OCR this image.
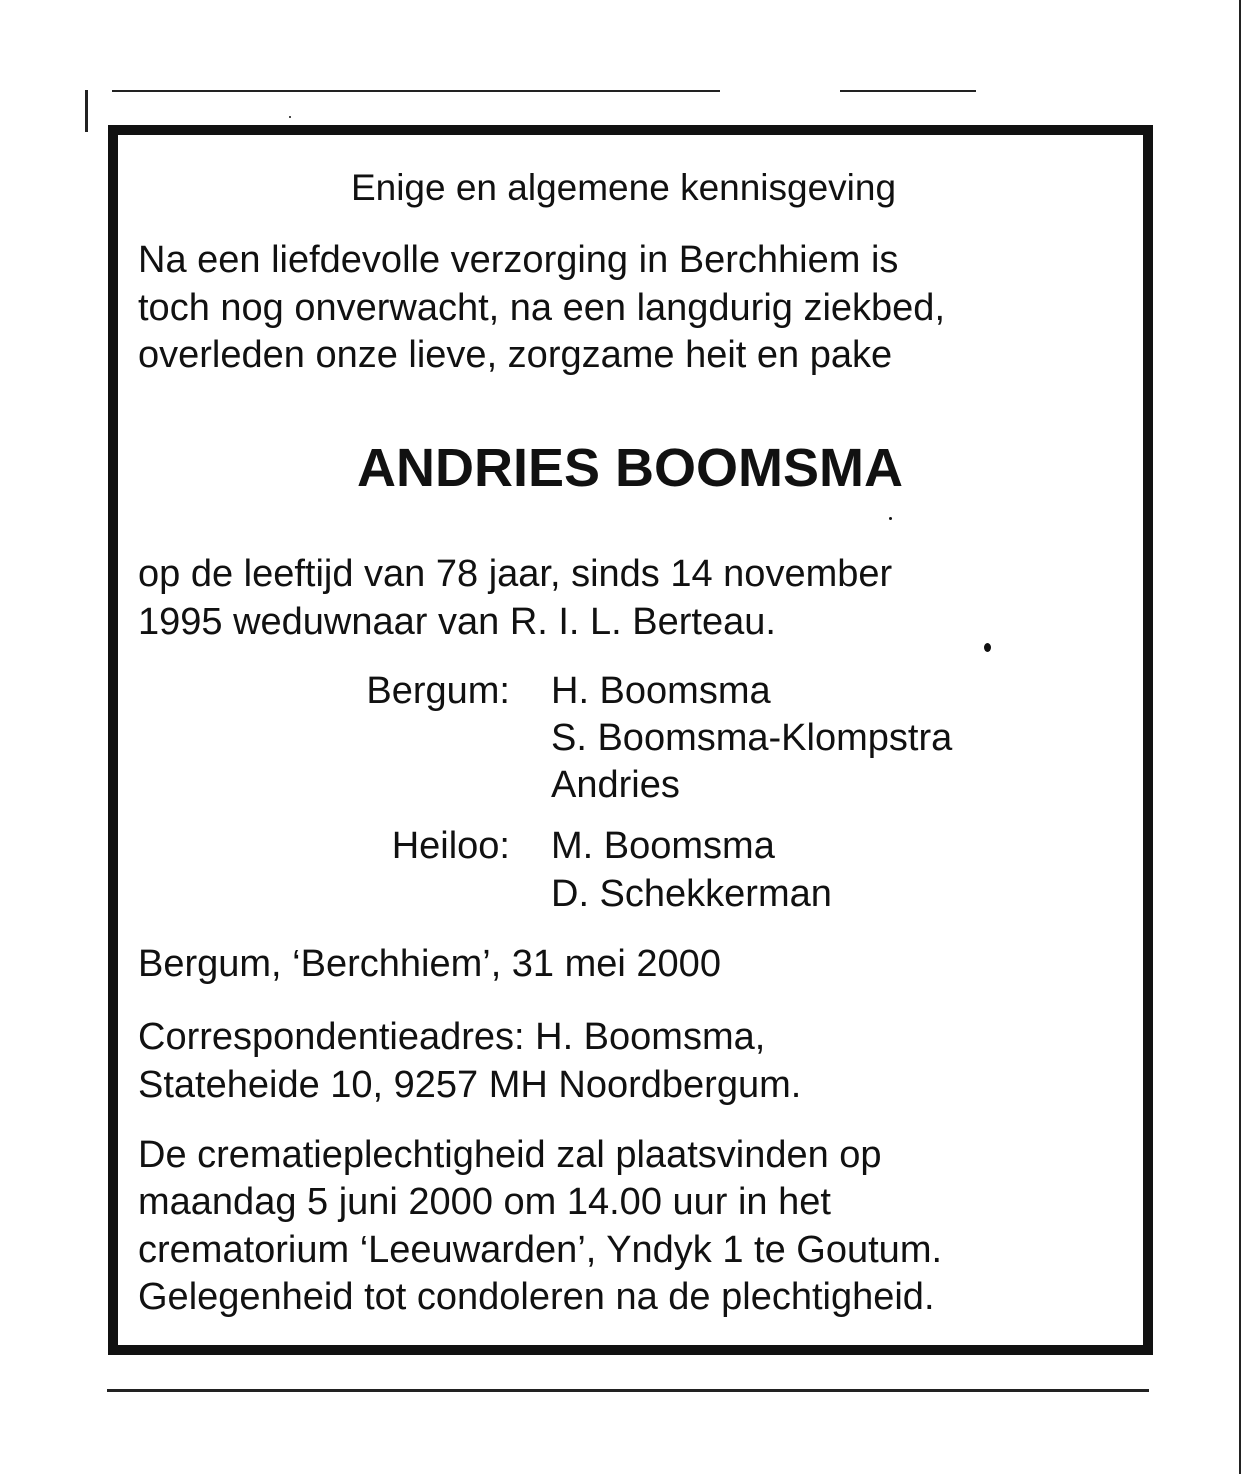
Enige en algemene kennisgeving

Na een liefdevolle verzorging in Berchhiem is

toch nog onverwacht, na een langdurig ziekbed,

overleden onze lieve, zorgzame heit en pake

ANDRIES BOOMSMA

op de leeftijd van 78 jaar, sinds 14 november

1995 weduwnaar van R. I. L. Berteau.

Bergum: H. Boomsma

S. Boomsma-Klompstra

Andries

Heiloo: M. Boomsma

D. Schekkerman

Bergum, ‘Berchhiem’, 31 mei 2000

Correspondentieadres: H. Boomsma,

Stateheide 10, 9257 MH Noordbergum.

De crematieplechtigheid zal plaatsvinden op

maandag 5 juni 2000 om 14.00 uur in het

crematorium ‘Leeuwarden’, Yndyk 1 te Goutum.

Gelegenheid tot condoleren na de plechtigheid.
